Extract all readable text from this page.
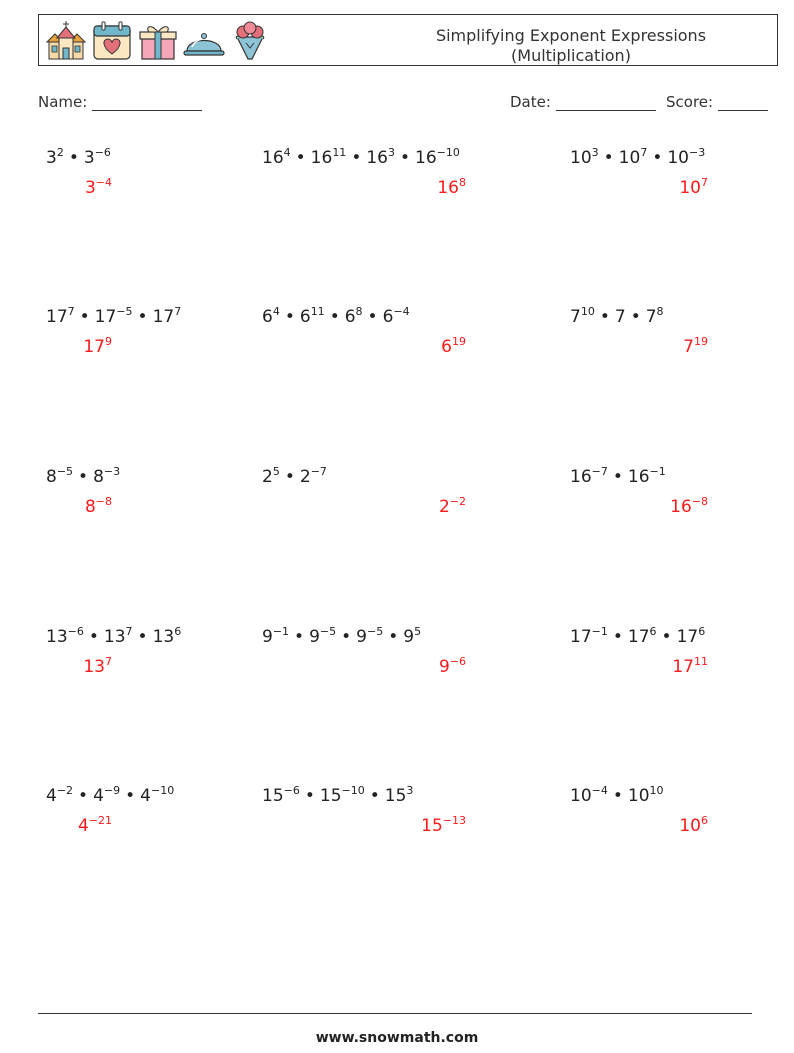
Simplifying Exponent Expressions
(Multiplication)
Name:	Date:	Score:
$3^2$ • $3^{-6}$
$3^{-4}$
$16^4$ • $16^{11}$ • $16^3$ • $16^{-10}$
$16^8$
$10^3$ • $10^7$ • $10^{-3}$
$10^7$
$17^7$ • $17^{-5}$ • $17^7$
$17^9$
$6^4$ • $6^{11}$ • $6^8$ • $6^{-4}$
$6^{19}$
$7^{10}$ • 7 • $7^8$
$7^{19}$
$8^{-5}$ • $8^{-3}$
$8^{-8}$
$2^5$ • $2^{-7}$
$2^{-2}$
$16^{-7}$ • $16^{-1}$
$16^{-8}$
$13^{-6}$ • $13^7$ • $13^6$
$13^7$
$9^{-1}$ • $9^{-5}$ • $9^{-5}$ • $9^5$
$9^{-6}$
$17^{-1}$ • $17^6$ • $17^6$
$17^{11}$
$4^{-2}$ • $4^{-9}$ • $4^{-10}$
$4^{-21}$
$15^{-6}$ • $15^{-10}$ • $15^3$
$15^{-13}$
$10^{-4}$ • $10^{10}$
$10^6$
www.snowmath.com
